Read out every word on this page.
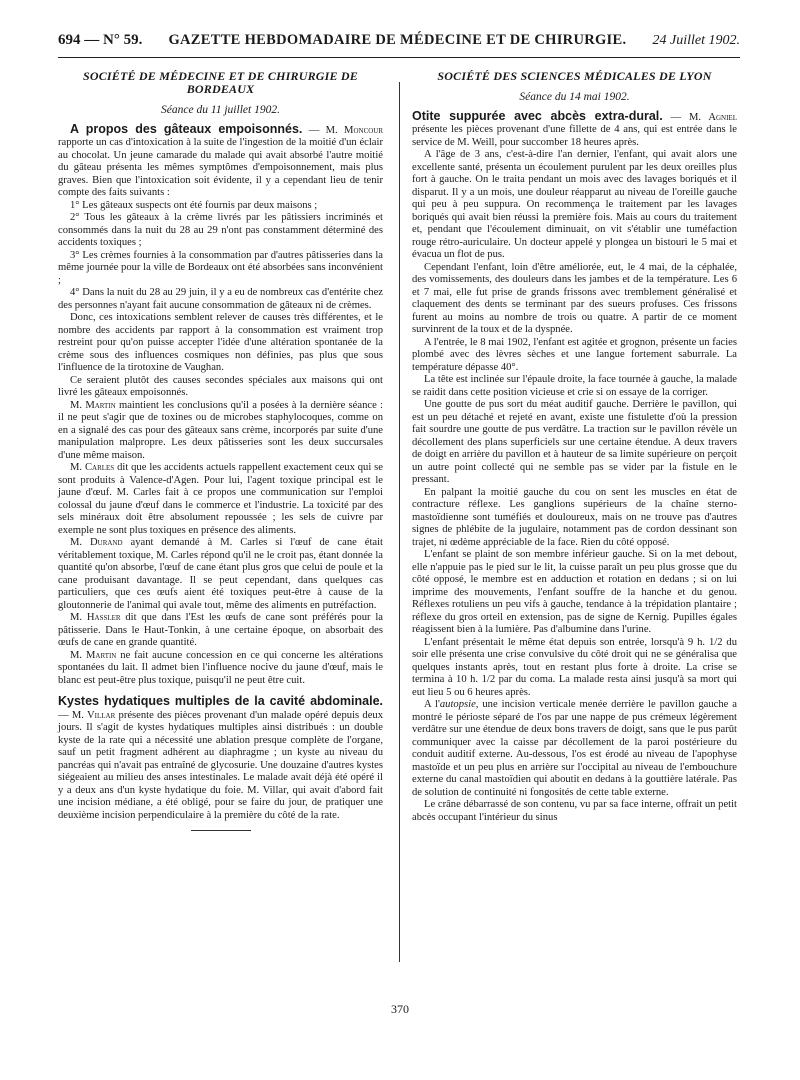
694 — N° 59. GAZETTE HEBDOMADAIRE DE MÉDECINE ET DE CHIRURGIE. 24 Juillet 1902.
SOCIÉTÉ DE MÉDECINE ET DE CHIRURGIE DE BORDEAUX
Séance du 11 juillet 1902.

A propos des gâteaux empoisonnés. — M. Moncour rapporte un cas d'intoxication à la suite de l'ingestion de la moitié d'un éclair au chocolat. Un jeune camarade du malade qui avait absorbé l'autre moitié du gâteau présenta les mêmes symptômes d'empoisonnement, mais plus graves. Bien que l'intoxication soit évidente, il y a cependant lieu de tenir compte des faits suivants :

1° Les gâteaux suspects ont été fournis par deux maisons ;

2° Tous les gâteaux à la crème livrés par les pâtissiers incriminés et consommés dans la nuit du 28 au 29 n'ont pas constamment déterminé des accidents toxiques ;

3° Les crèmes fournies à la consommation par d'autres pâtisseries dans la même journée pour la ville de Bordeaux ont été absorbées sans inconvénient ;

4° Dans la nuit du 28 au 29 juin, il y a eu de nombreux cas d'entérite chez des personnes n'ayant fait aucune consommation de gâteaux ni de crèmes.

Donc, ces intoxications semblent relever de causes très différentes, et le nombre des accidents par rapport à la consommation est vraiment trop restreint pour qu'on puisse accepter l'idée d'une altération spontanée de la crème sous des influences cosmiques non définies, pas plus que sous l'influence de la tirotoxine de Vaughan.

Ce seraient plutôt des causes secondes spéciales aux maisons qui ont livré les gâteaux empoisonnés.

M. Martin maintient les conclusions qu'il a posées à la dernière séance : il ne peut s'agir que de toxines ou de microbes staphylocoques, comme on en a signalé des cas pour des gâteaux sans crème, incorporés par suite d'une manipulation malpropre. Les deux pâtisseries sont les deux succursales d'une même maison.

M. Carles dit que les accidents actuels rappellent exactement ceux qui se sont produits à Valence-d'Agen. Pour lui, l'agent toxique principal est le jaune d'œuf. M. Carles fait à ce propos une communication sur l'emploi colossal du jaune d'œuf dans le commerce et l'industrie. La toxicité par des sels minéraux doit être absolument repoussée ; les sels de cuivre par exemple ne sont plus toxiques en présence des aliments.

M. Durand ayant demandé à M. Carles si l'œuf de cane était véritablement toxique, M. Carles répond qu'il ne le croit pas, étant donnée la quantité qu'on absorbe, l'œuf de cane étant plus gros que celui de poule et la cane produisant davantage. Il se peut cependant, dans quelques cas particuliers, que ces œufs aient été toxiques peut-être à cause de la gloutonnerie de l'animal qui avale tout, même des aliments en putréfaction.

M. Hassler dit que dans l'Est les œufs de cane sont préférés pour la pâtisserie. Dans le Haut-Tonkin, à une certaine époque, on absorbait des œufs de cane en grande quantité.

M. Martin ne fait aucune concession en ce qui concerne les altérations spontanées du lait. Il admet bien l'influence nocive du jaune d'œuf, mais le blanc est peut-être plus toxique, puisqu'il ne peut être cuit.

Kystes hydatiques multiples de la cavité abdominale. — M. Villar présente des pièces provenant d'un malade opéré depuis deux jours. Il s'agit de kystes hydatiques multiples ainsi distribués : un double kyste de la rate qui a nécessité une ablation presque complète de l'organe, sauf un petit fragment adhérent au diaphragme ; un kyste au niveau du pancréas qui n'avait pas entraîné de glycosurie. Une douzaine d'autres kystes siégeaient au milieu des anses intestinales. Le malade avait déjà été opéré il y a deux ans d'un kyste hydatique du foie. M. Villar, qui avait d'abord fait une incision médiane, a été obligé, pour se faire du jour, de pratiquer une deuxième incision perpendiculaire à la première du côté de la rate.

SOCIÉTÉ DES SCIENCES MÉDICALES DE LYON
Séance du 14 mai 1902.

Otite suppurée avec abcès extra-dural. — M. Agniel présente les pièces provenant d'une fillette de 4 ans, qui est entrée dans le service de M. Weill, pour succomber 18 heures après.

A l'âge de 3 ans, c'est-à-dire l'an dernier, l'enfant, qui avait alors une excellente santé, présenta un écoulement purulent par les deux oreilles plus fort à gauche. On le traita pendant un mois avec des lavages boriqués et il disparut. Il y a un mois, une douleur réapparut au niveau de l'oreille gauche qui peu à peu suppura. On recommença le traitement par les lavages boriqués qui avait bien réussi la première fois. Mais au cours du traitement et, pendant que l'écoulement diminuait, on vit s'établir une tuméfaction rouge rétro-auriculaire. Un docteur appelé y plongea un bistouri le 5 mai et évacua un flot de pus.

Cependant l'enfant, loin d'être améliorée, eut, le 4 mai, de la céphalée, des vomissements, des douleurs dans les jambes et de la température. Les 6 et 7 mai, elle fut prise de grands frissons avec tremblement généralisé et claquement des dents se terminant par des sueurs profuses. Ces frissons furent au moins au nombre de trois ou quatre. A partir de ce moment survinrent de la toux et de la dyspnée.

A l'entrée, le 8 mai 1902, l'enfant est agitée et grognon, présente un facies plombé avec des lèvres sèches et une langue fortement saburrale. La température dépasse 40°.

La tête est inclinée sur l'épaule droite, la face tournée à gauche, la malade se raidit dans cette position vicieuse et crie si on essaye de la corriger.

Une goutte de pus sort du méat auditif gauche. Derrière le pavillon, qui est un peu détaché et rejeté en avant, existe une fistulette d'où la pression fait sourdre une goutte de pus verdâtre. La traction sur le pavillon révèle un décollement des plans superficiels sur une certaine étendue. A deux travers de doigt en arrière du pavillon et à hauteur de sa limite supérieure on perçoit un autre point collecté qui ne semble pas se vider par la fistule en le pressant.

En palpant la moitié gauche du cou on sent les muscles en état de contracture réflexe. Les ganglions supérieurs de la chaîne sterno-mastoïdienne sont tuméfiés et douloureux, mais on ne trouve pas d'autres signes de phlébite de la jugulaire, notamment pas de cordon dessinant son trajet, ni œdème appréciable de la face. Rien du côté opposé.

L'enfant se plaint de son membre inférieur gauche. Si on la met debout, elle n'appuie pas le pied sur le lit, la cuisse paraît un peu plus grosse que du côté opposé, le membre est en adduction et rotation en dedans ; si on lui imprime des mouvements, l'enfant souffre de la hanche et du genou. Réflexes rotuliens un peu vifs à gauche, tendance à la trépidation plantaire ; réflexe du gros orteil en extension, pas de signe de Kernig. Pupilles égales réagissent bien à la lumière. Pas d'albumine dans l'urine.

L'enfant présentait le même état depuis son entrée, lorsqu'à 9 h. 1/2 du soir elle présenta une crise convulsive du côté droit qui ne se généralisa que quelques instants après, tout en restant plus forte à droite. La crise se termina à 10 h. 1/2 par du coma. La malade resta ainsi jusqu'à sa mort qui eut lieu 5 ou 6 heures après.

A l'autopsie, une incision verticale menée derrière le pavillon gauche a montré le périoste séparé de l'os par une nappe de pus crémeux légèrement verdâtre sur une étendue de deux bons travers de doigt, sans que le pus parût communiquer avec la caisse par décollement de la paroi postérieure du conduit auditif externe. Au-dessous, l'os est érodé au niveau de l'apophyse mastoïde et un peu plus en arrière sur l'occipital au niveau de l'embouchure externe du canal mastoïdien qui aboutit en dedans à la gouttière latérale. Pas de solution de continuité ni fongosités de cette table externe.

Le crâne débarrassé de son contenu, vu par sa face interne, offrait un petit abcès occupant l'intérieur du sinus

370
